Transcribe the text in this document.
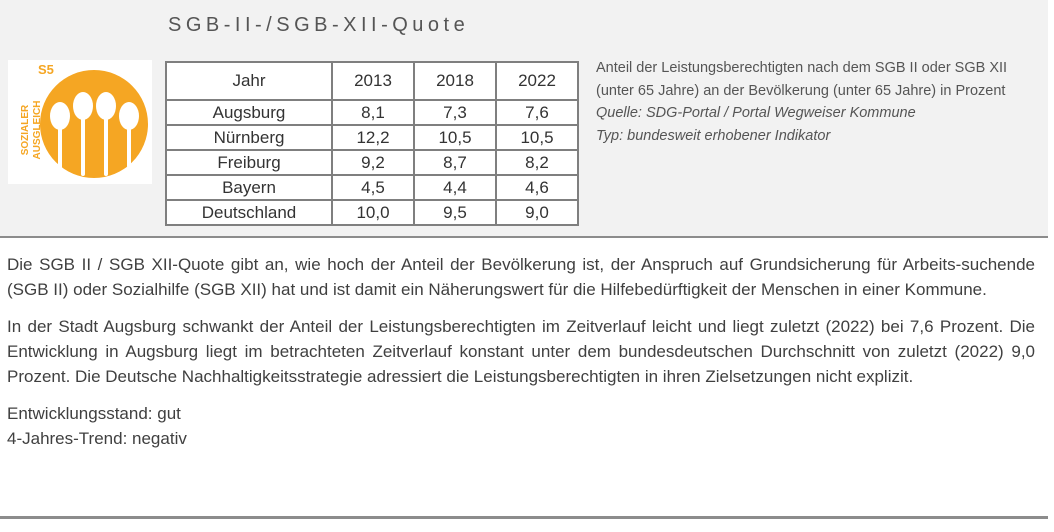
SGB-II-/SGB-XII-Quote
SOZIALER AUSGLEICH
S5
Jahr	2013	2018	2022
Augsburg	8,1	7,3	7,6
Nürnberg	12,2	10,5	10,5
Freiburg	9,2	8,7	8,2
Bayern	4,5	4,4	4,6
Deutschland	10,0	9,5	9,0
Anteil der Leistungsberechtigten nach dem SGB II oder SGB XII (unter 65 Jahre) an der Bevölkerung (unter 65 Jahre) in Prozent
Quelle: SDG-Portal / Portal Wegweiser Kommune
Typ: bundesweit erhobener Indikator

Die SGB II / SGB XII-Quote gibt an, wie hoch der Anteil der Bevölkerung ist, der Anspruch auf Grundsicherung für Arbeits-suchende (SGB II) oder Sozialhilfe (SGB XII) hat und ist damit ein Näherungswert für die Hilfebedürftigkeit der Menschen in einer Kommune.

In der Stadt Augsburg schwankt der Anteil der Leistungsberechtigten im Zeitverlauf leicht und liegt zuletzt (2022) bei 7,6 Prozent. Die Entwicklung in Augsburg liegt im betrachteten Zeitverlauf konstant unter dem bundesdeutschen Durchschnitt von zuletzt (2022) 9,0 Prozent. Die Deutsche Nachhaltigkeitsstrategie adressiert die Leistungsberechtigten in ihren Zielsetzungen nicht explizit.

Entwicklungsstand: gut
4-Jahres-Trend: negativ
